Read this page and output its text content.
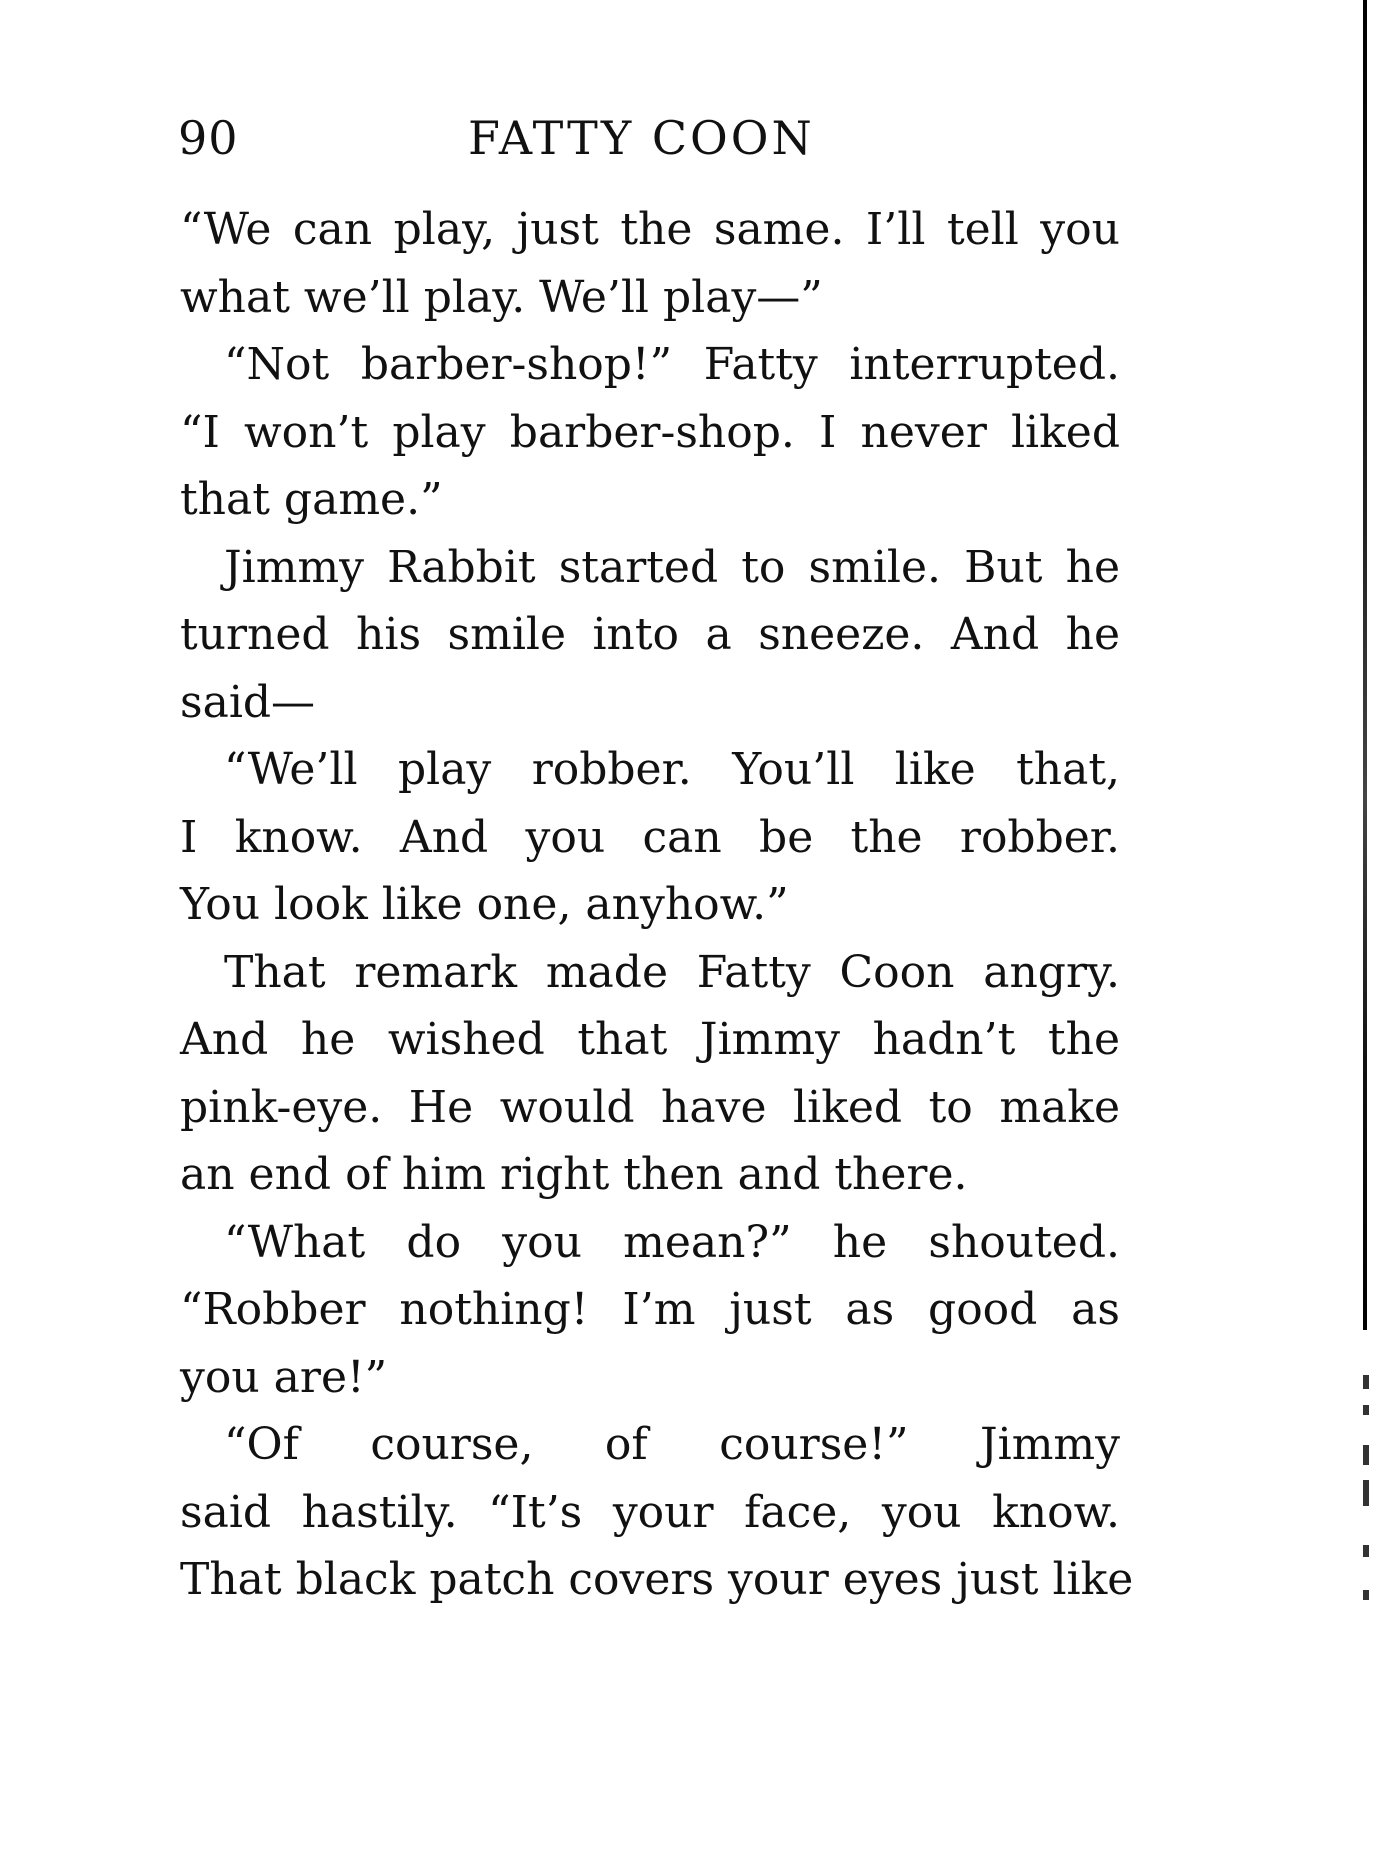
90	FATTY COON
“We can play, just the same. I’ll tell you
what we’ll play. We’ll play—”
“Not barber-shop!” Fatty interrupted.
“I won’t play barber-shop. I never liked
that game.”
Jimmy Rabbit started to smile. But he
turned his smile into a sneeze. And he
said—
“We’ll play robber. You’ll like that,
I know. And you can be the robber.
You look like one, anyhow.”
That remark made Fatty Coon angry.
And he wished that Jimmy hadn’t the
pink-eye. He would have liked to make
an end of him right then and there.
“What do you mean?” he shouted.
“Robber nothing! I’m just as good as
you are!”
“Of course, of course!” Jimmy
said hastily. “It’s your face, you know.
That black patch covers your eyes just like
